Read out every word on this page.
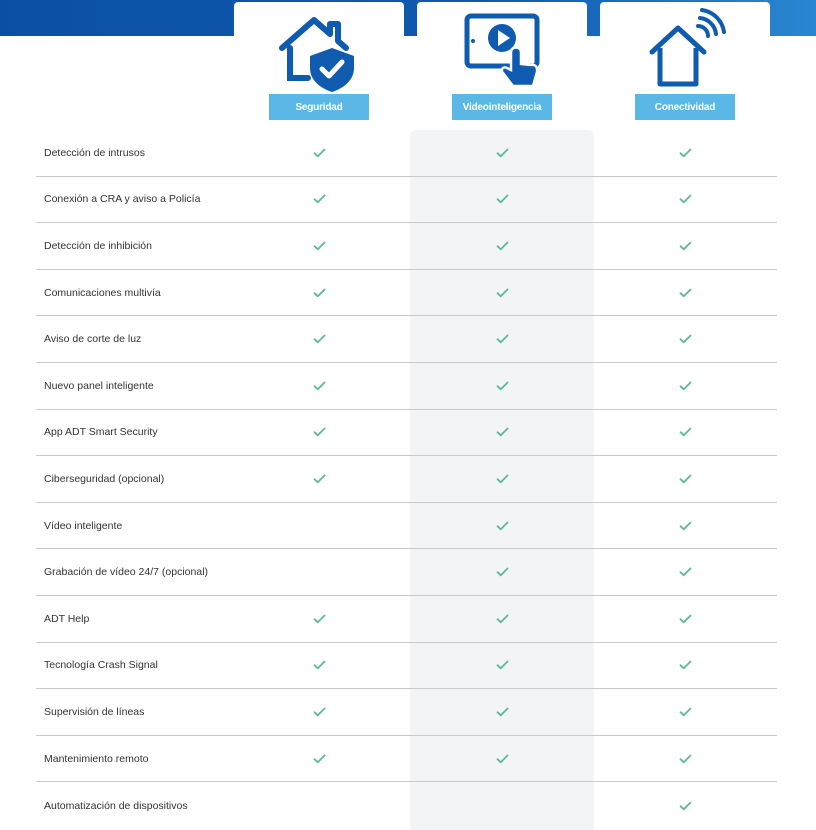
Seguridad	Videointeligencia	Conectividad
Detección de intrusos
Conexión a CRA y aviso a Policía
Detección de inhibición
Comunicaciones multivía
Aviso de corte de luz
Nuevo panel inteligente
App ADT Smart Security
Ciberseguridad (opcional)
Vídeo inteligente
Grabación de vídeo 24/7 (opcional)
ADT Help
Tecnología Crash Signal
Supervisión de líneas
Mantenimiento remoto
Automatización de dispositivos
